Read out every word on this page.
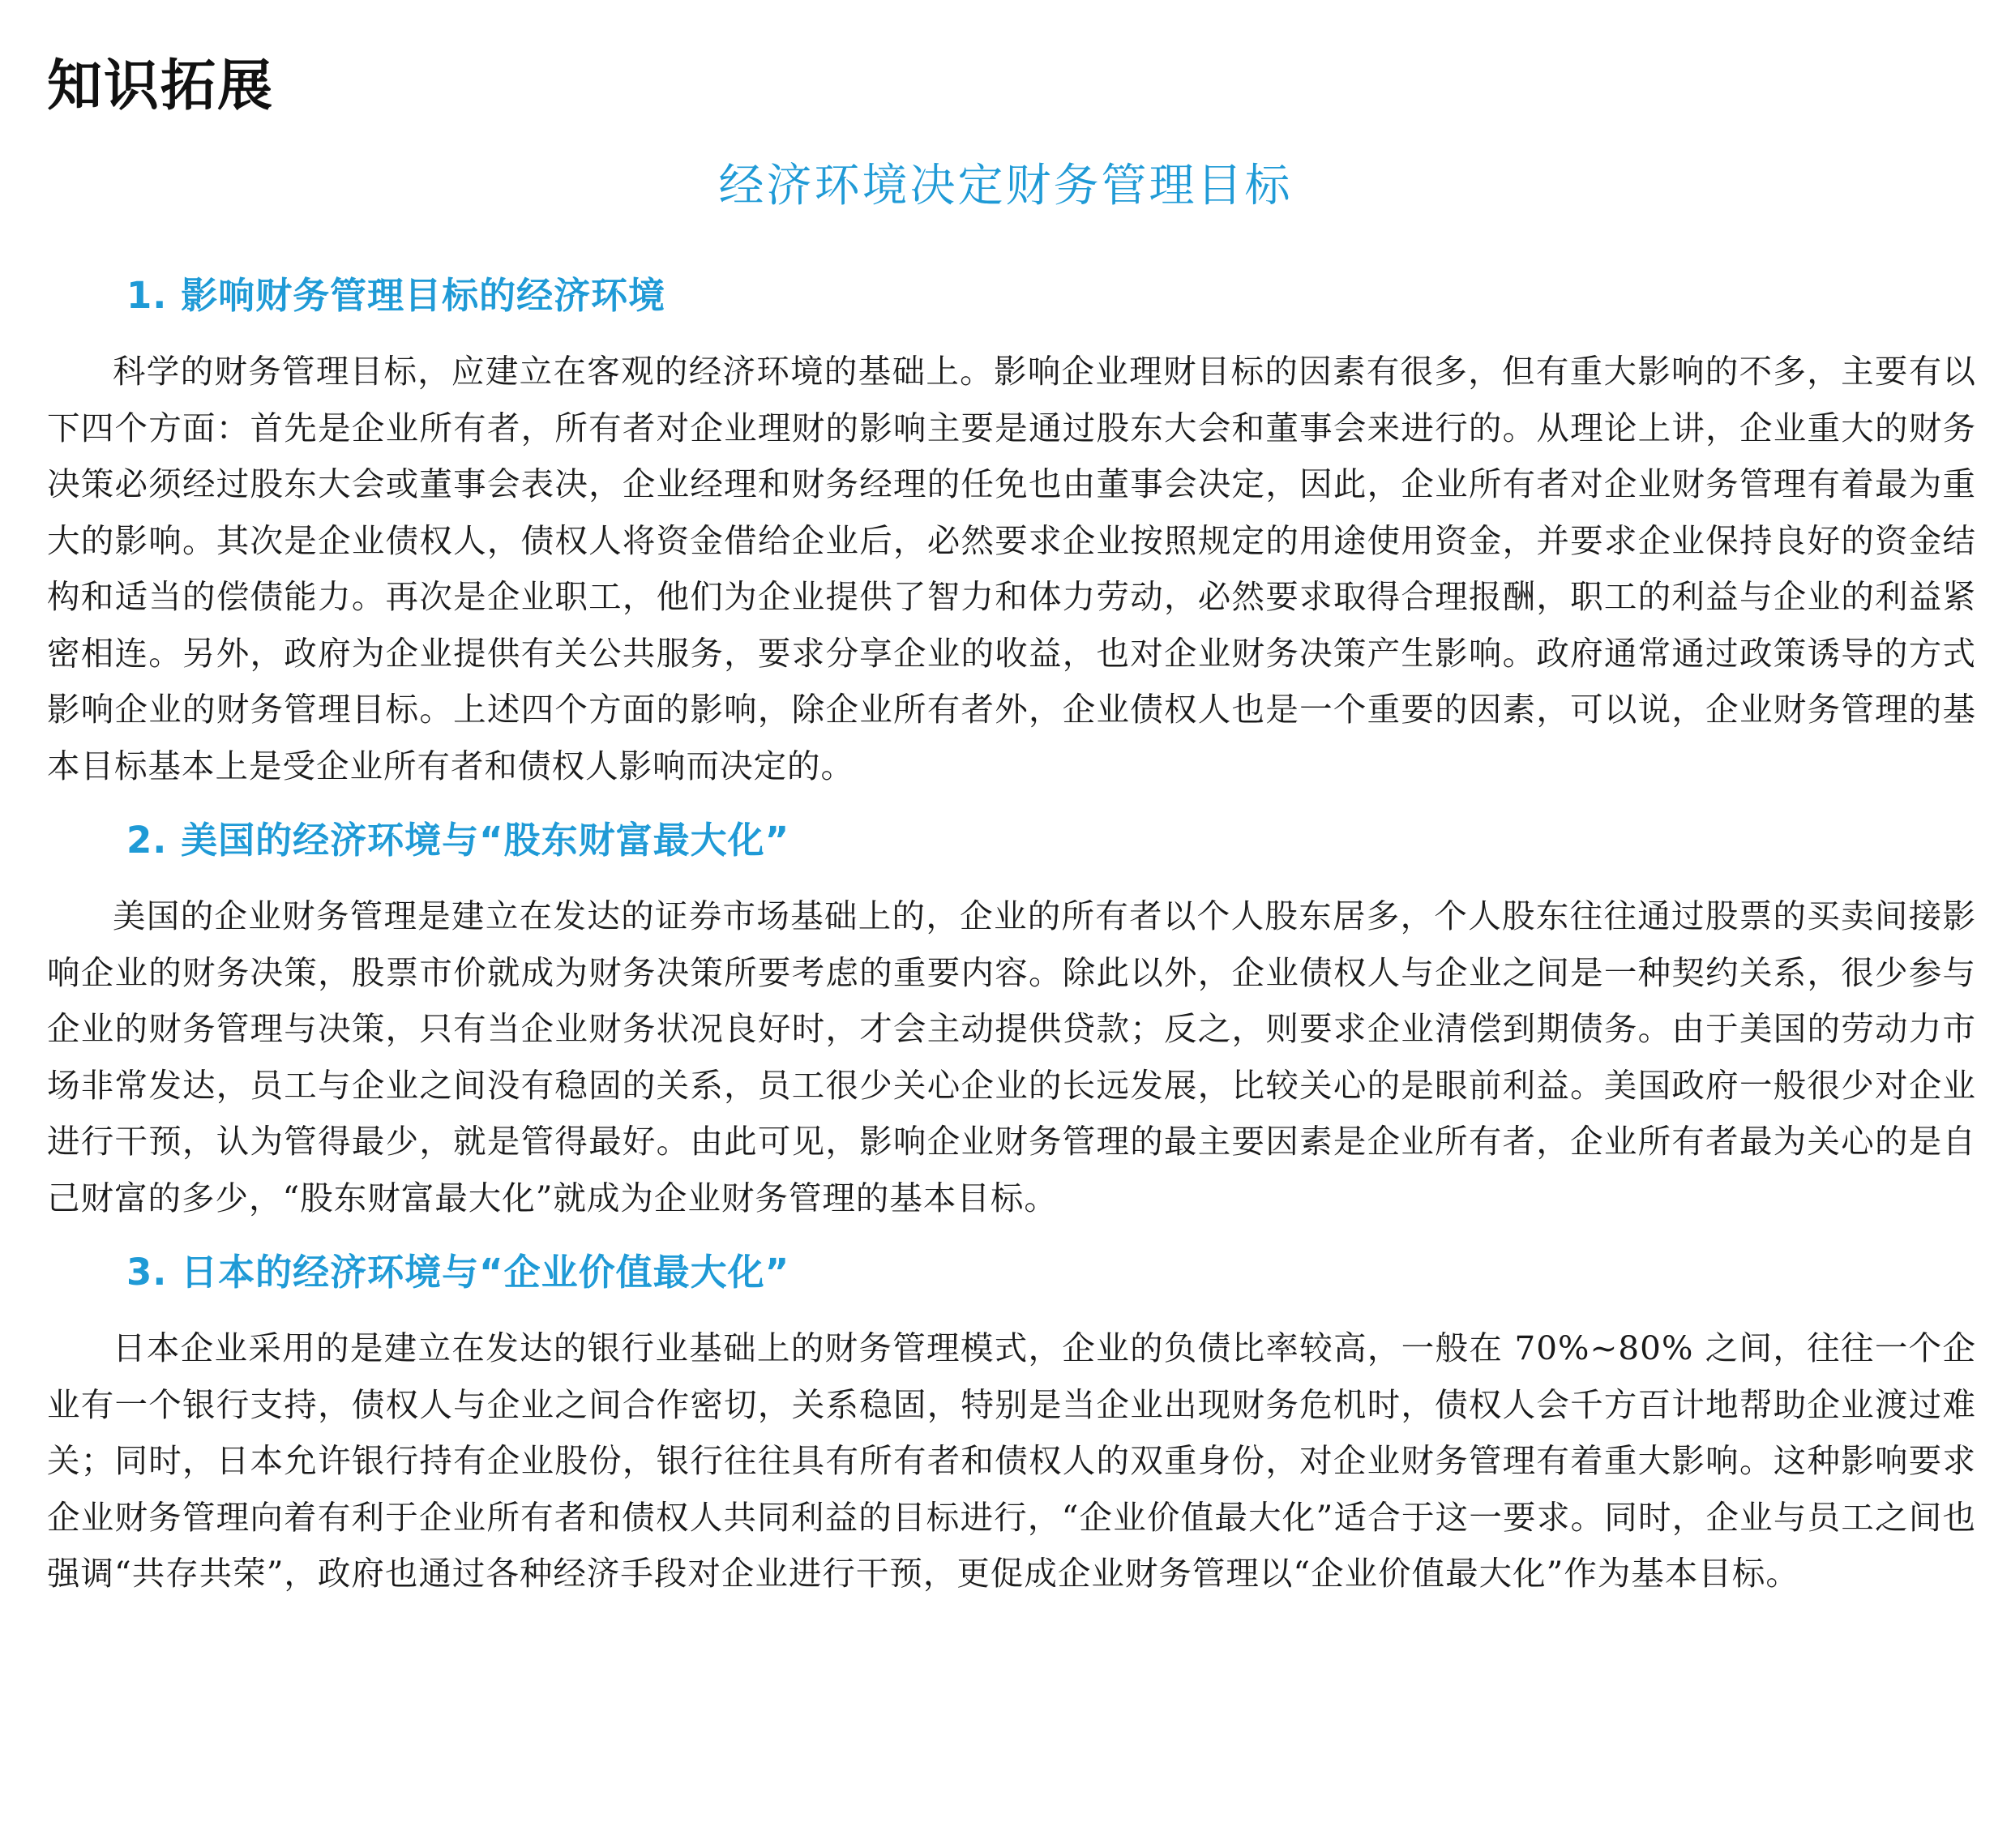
知识拓展
经济环境决定财务管理目标
1. 影响财务管理目标的经济环境

科学的财务管理目标，应建立在客观的经济环境的基础上。影响企业理财目标的因素有很多，但有重大影响的不多，主要有以下四个方面：首先是企业所有者，所有者对企业理财的影响主要是通过股东大会和董事会来进行的。从理论上讲，企业重大的财务决策必须经过股东大会或董事会表决，企业经理和财务经理的任免也由董事会决定，因此，企业所有者对企业财务管理有着最为重大的影响。其次是企业债权人，债权人将资金借给企业后，必然要求企业按照规定的用途使用资金，并要求企业保持良好的资金结构和适当的偿债能力。再次是企业职工，他们为企业提供了智力和体力劳动，必然要求取得合理报酬，职工的利益与企业的利益紧密相连。另外，政府为企业提供有关公共服务，要求分享企业的收益，也对企业财务决策产生影响。政府通常通过政策诱导的方式影响企业的财务管理目标。上述四个方面的影响，除企业所有者外，企业债权人也是一个重要的因素，可以说，企业财务管理的基本目标基本上是受企业所有者和债权人影响而决定的。

2. 美国的经济环境与“股东财富最大化”

美国的企业财务管理是建立在发达的证券市场基础上的，企业的所有者以个人股东居多，个人股东往往通过股票的买卖间接影响企业的财务决策，股票市价就成为财务决策所要考虑的重要内容。除此以外，企业债权人与企业之间是一种契约关系，很少参与企业的财务管理与决策，只有当企业财务状况良好时，才会主动提供贷款；反之，则要求企业清偿到期债务。由于美国的劳动力市场非常发达，员工与企业之间没有稳固的关系，员工很少关心企业的长远发展，比较关心的是眼前利益。美国政府一般很少对企业进行干预，认为管得最少，就是管得最好。由此可见，影响企业财务管理的最主要因素是企业所有者，企业所有者最为关心的是自己财富的多少，“股东财富最大化”就成为企业财务管理的基本目标。

3. 日本的经济环境与“企业价值最大化”

日本企业采用的是建立在发达的银行业基础上的财务管理模式，企业的负债比率较高，一般在 70%~80% 之间，往往一个企业有一个银行支持，债权人与企业之间合作密切，关系稳固，特别是当企业出现财务危机时，债权人会千方百计地帮助企业渡过难关；同时，日本允许银行持有企业股份，银行往往具有所有者和债权人的双重身份，对企业财务管理有着重大影响。这种影响要求企业财务管理向着有利于企业所有者和债权人共同利益的目标进行，“企业价值最大化”适合于这一要求。同时，企业与员工之间也强调“共存共荣”，政府也通过各种经济手段对企业进行干预，更促成企业财务管理以“企业价值最大化”作为基本目标。
